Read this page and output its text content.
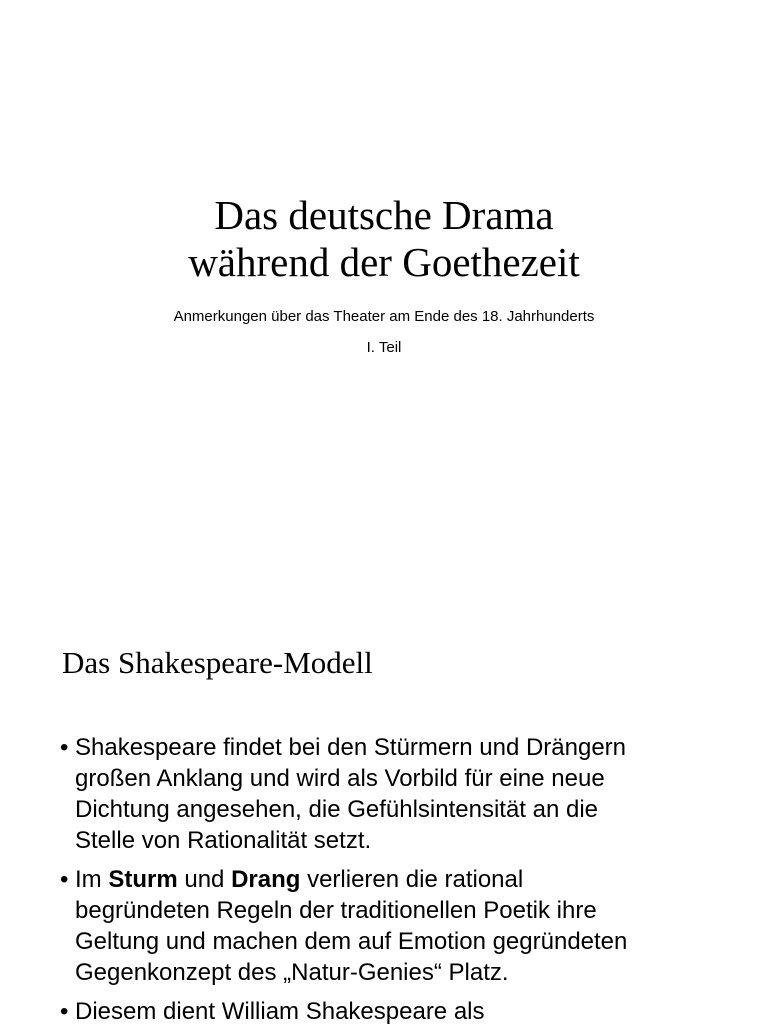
Das deutsche Drama
während der Goethezeit
Anmerkungen über das Theater am Ende des 18. Jahrhunderts
I. Teil
Das Shakespeare-Modell
• Shakespeare findet bei den Stürmern und Drängern
großen Anklang und wird als Vorbild für eine neue
Dichtung angesehen, die Gefühlsintensität an die
Stelle von Rationalität setzt.
• Im Sturm und Drang verlieren die rational
begründeten Regeln der traditionellen Poetik ihre
Geltung und machen dem auf Emotion gegründeten
Gegenkonzept des „Natur-Genies“ Platz.
• Diesem dient William Shakespeare als
